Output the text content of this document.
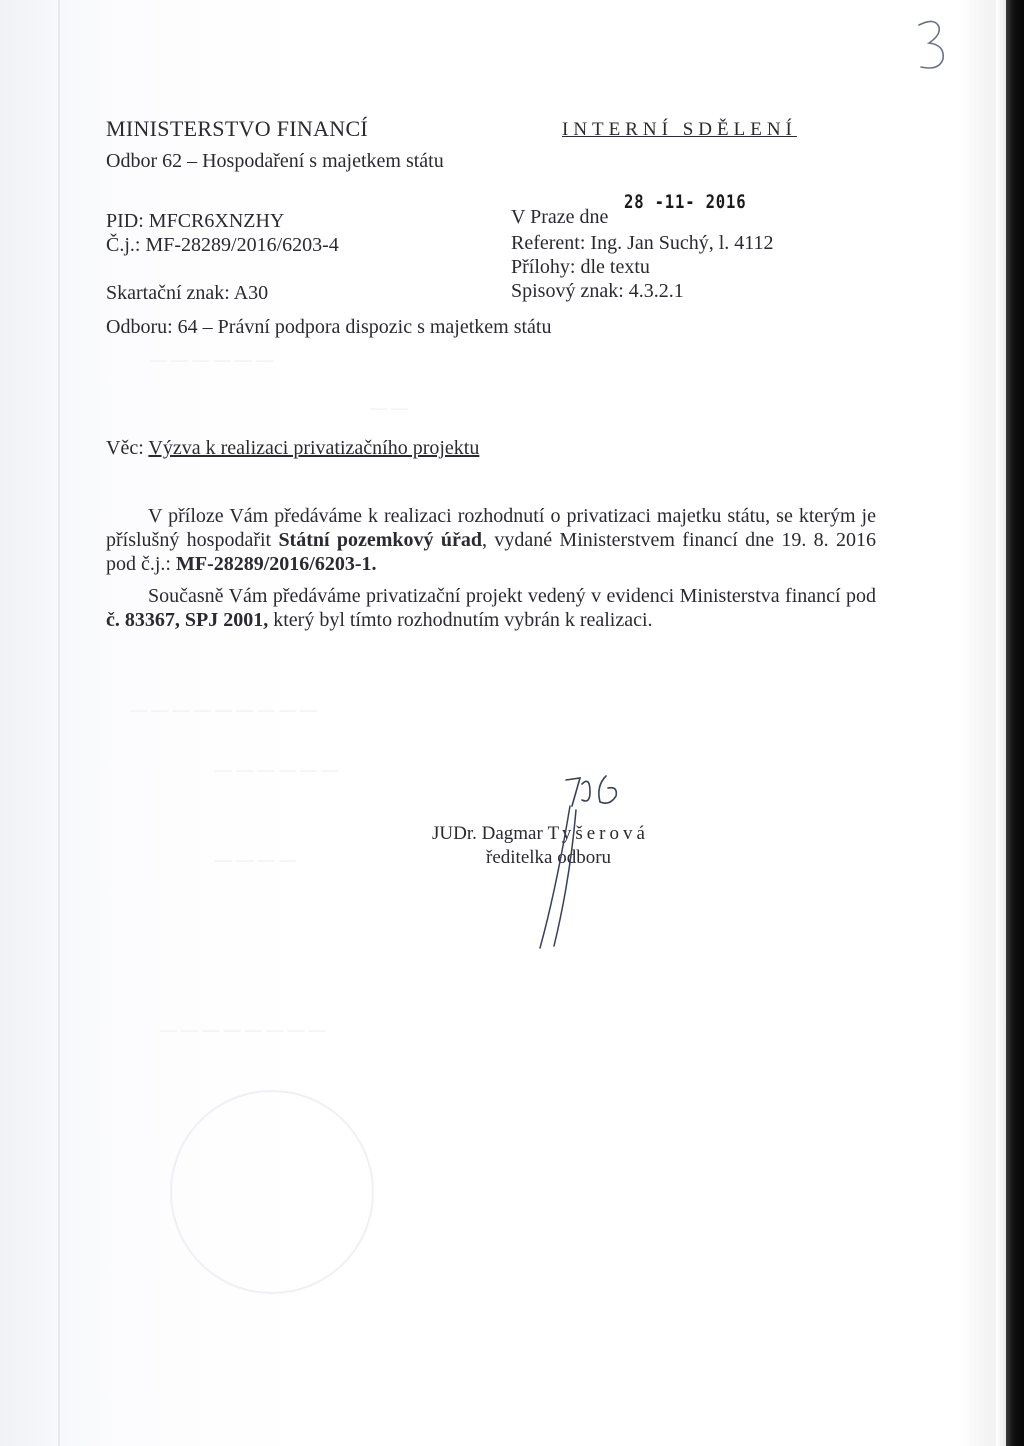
— — — — — —
— —
— — — — — — — — —
— — — — — —
— — — —
— — — — — — — —
MINISTERSTVO FINANCÍ
Odbor 62 – Hospodaření s majetkem státu
INTERNÍ SDĚLENÍ
PID: MFCR6XNZHY
Č.j.: MF-28289/2016/6203-4
Skartační znak: A30
Odboru: 64 – Právní podpora dispozic s majetkem státu
V Praze dne
28 -11- 2016
Referent: Ing. Jan Suchý, l. 4112
Přílohy: dle textu
Spisový znak: 4.3.2.1
Věc: Výzva k realizaci privatizačního projektu
V příloze Vám předáváme k realizaci rozhodnutí o privatizaci majetku státu, se kterým je příslušný hospodařit Státní pozemkový úřad, vydané Ministerstvem financí dne 19. 8. 2016 pod č.j.: MF-28289/2016/6203-1.
Současně Vám předáváme privatizační projekt vedený v evidenci Ministerstva financí pod č. 83367, SPJ 2001, který byl tímto rozhodnutím vybrán k realizaci.
JUDr. Dagmar Tyšerová
ředitelka odboru
